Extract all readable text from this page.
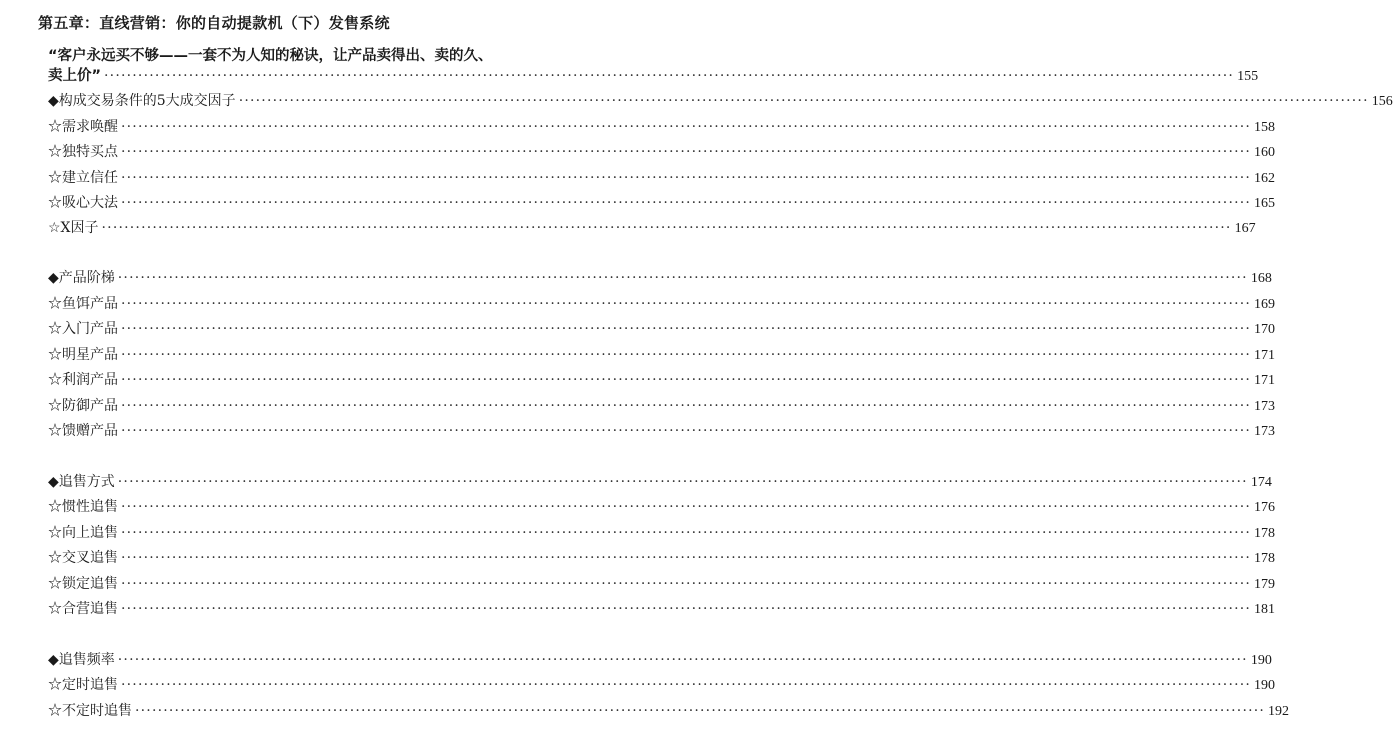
第五章：直线营销：你的自动提款机（下）发售系统
“客户永远买不够——一套不为人知的秘诀，让产品卖得出、卖的久、
卖上价” ········································································································································································································ 155
◆构成交易条件的5大成交因子 ········································································································································································································ 156
☆需求唤醒 ········································································································································································································ 158
☆独特买点 ········································································································································································································ 160
☆建立信任 ········································································································································································································ 162
☆吸心大法 ········································································································································································································ 165
☆X因子 ········································································································································································································ 167
◆产品阶梯 ········································································································································································································ 168
☆鱼饵产品 ········································································································································································································ 169
☆入门产品 ········································································································································································································ 170
☆明星产品 ········································································································································································································ 171
☆利润产品 ········································································································································································································ 171
☆防御产品 ········································································································································································································ 173
☆馈赠产品 ········································································································································································································ 173
◆追售方式 ········································································································································································································ 174
☆惯性追售 ········································································································································································································ 176
☆向上追售 ········································································································································································································ 178
☆交叉追售 ········································································································································································································ 178
☆锁定追售 ········································································································································································································ 179
☆合营追售 ········································································································································································································ 181
◆追售频率 ········································································································································································································ 190
☆定时追售 ········································································································································································································ 190
☆不定时追售 ········································································································································································································ 192
